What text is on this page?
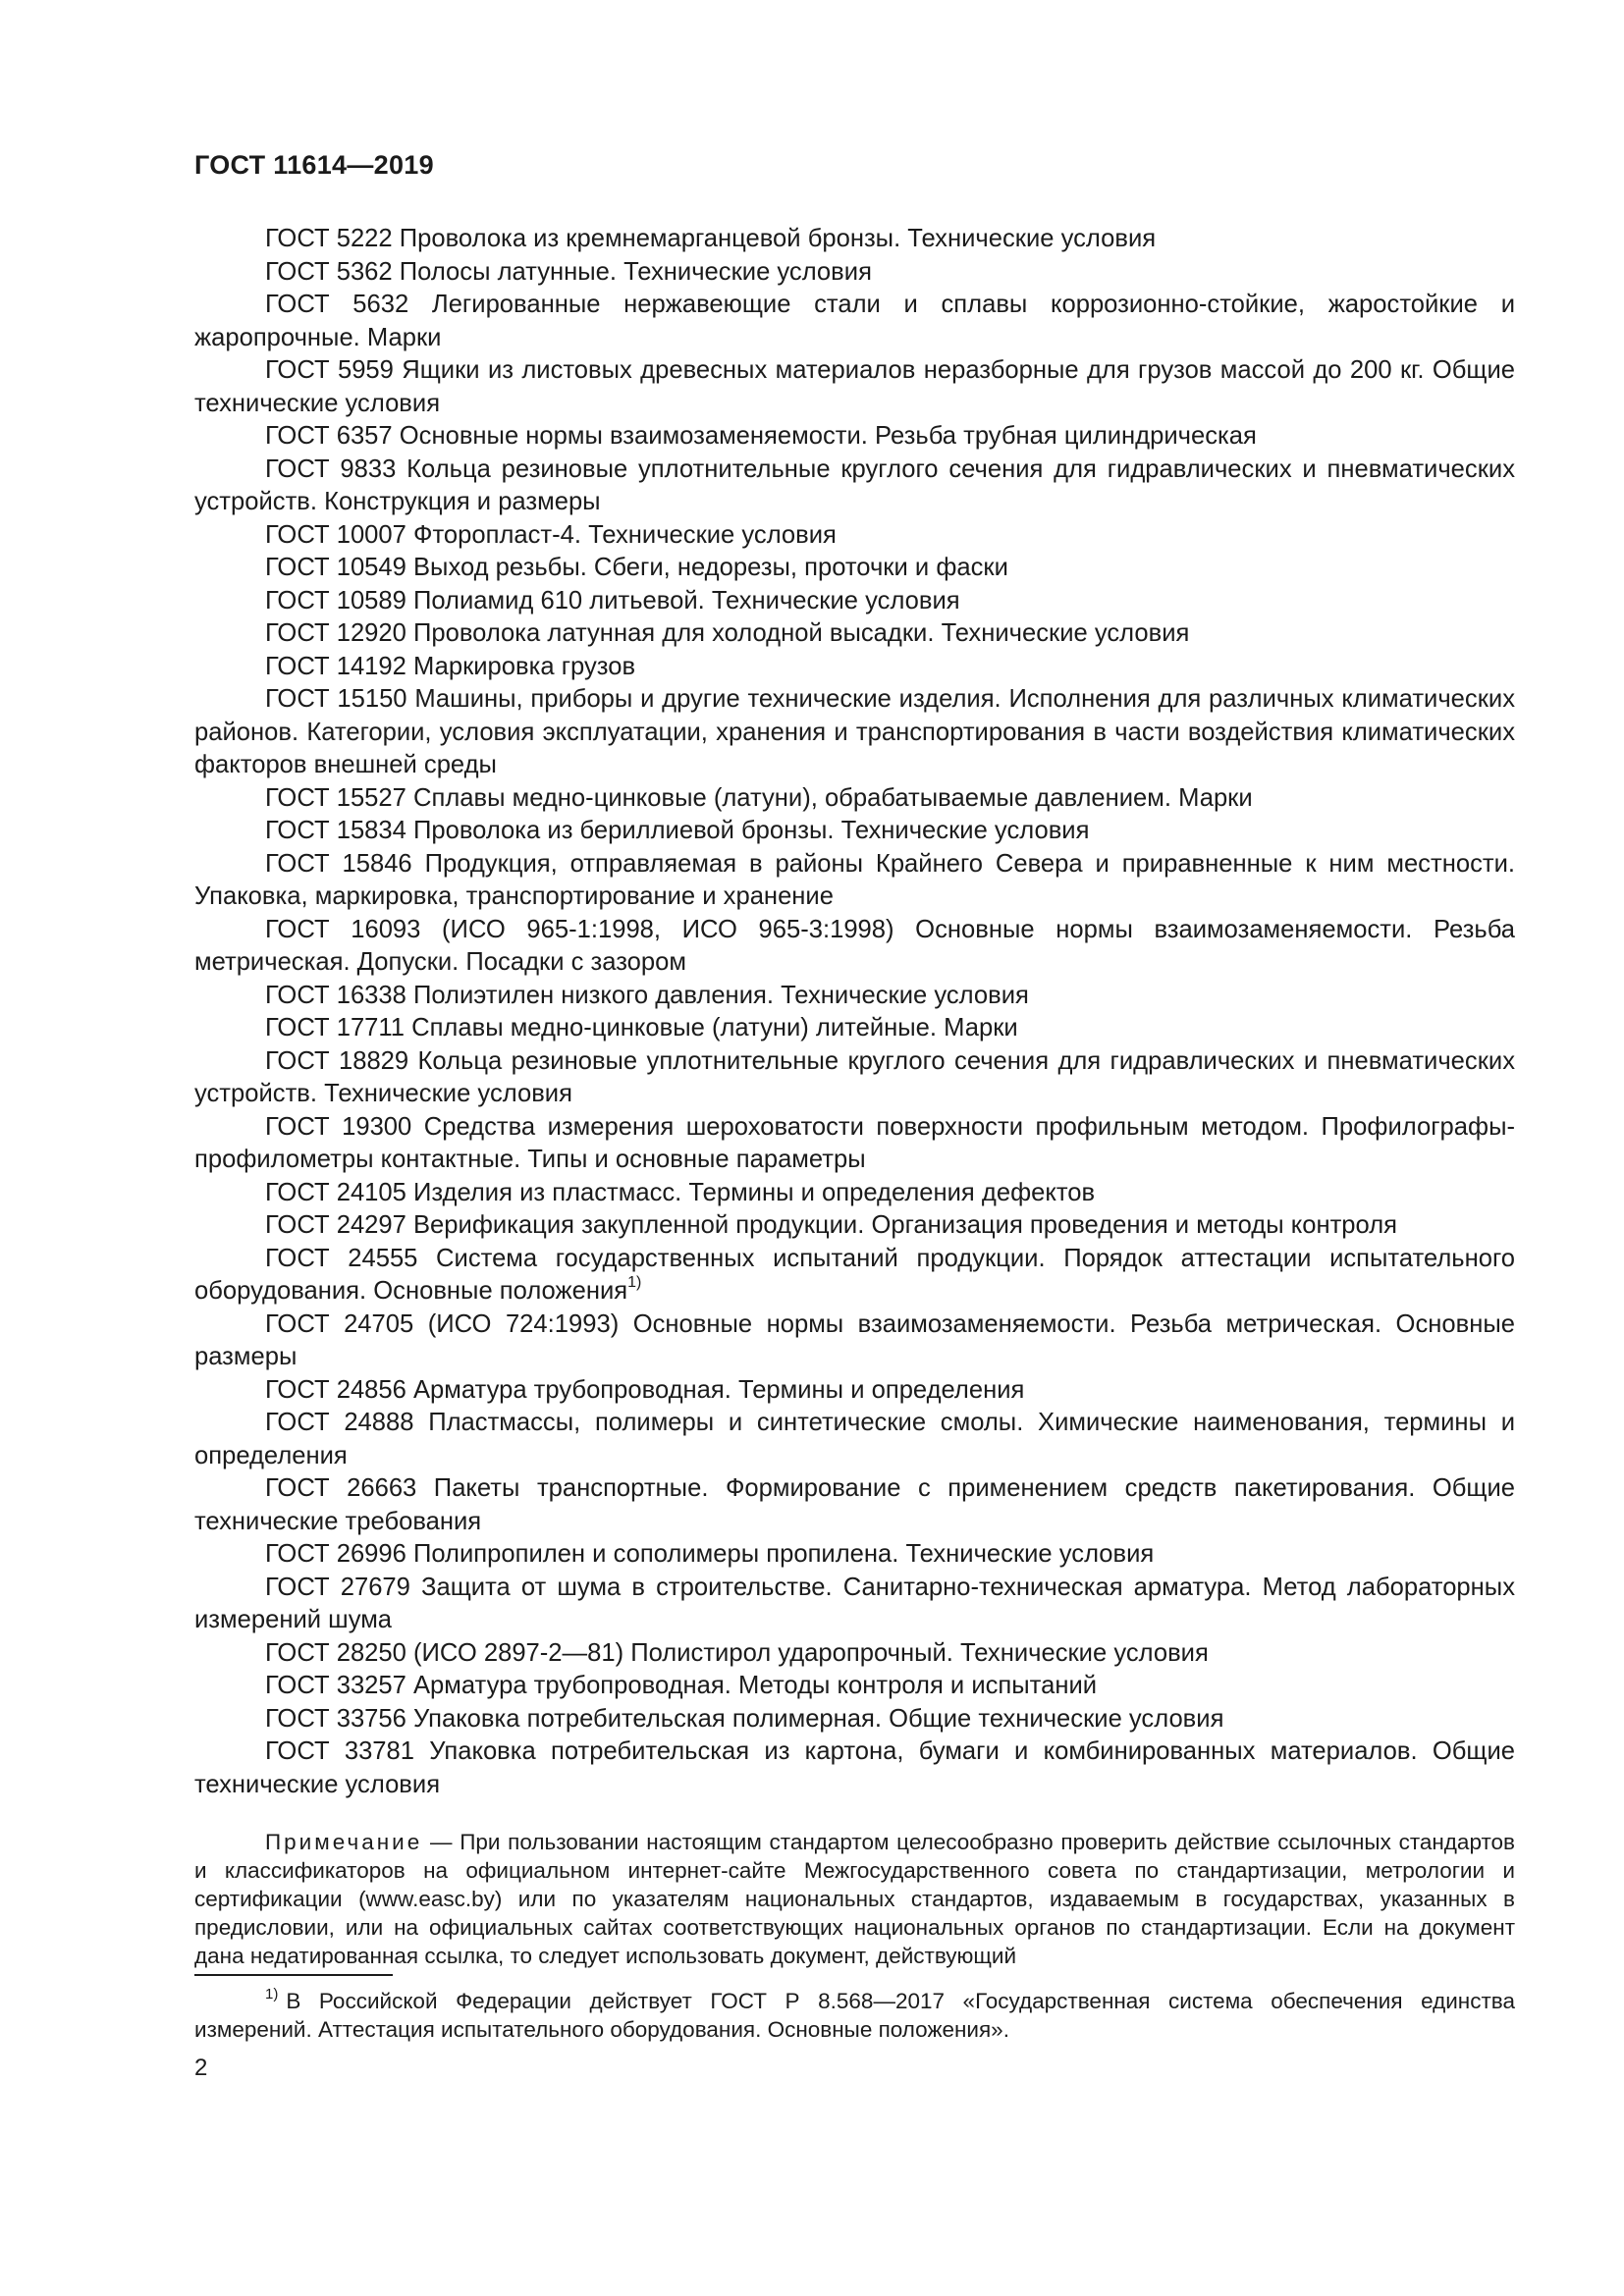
ГОСТ 11614—2019

ГОСТ 5222 Проволока из кремнемарганцевой бронзы. Технические условия

ГОСТ 5362 Полосы латунные. Технические условия

ГОСТ 5632 Легированные нержавеющие стали и сплавы коррозионно-стойкие, жаростойкие и жаропрочные. Марки

ГОСТ 5959 Ящики из листовых древесных материалов неразборные для грузов массой до 200 кг. Общие технические условия

ГОСТ 6357 Основные нормы взаимозаменяемости. Резьба трубная цилиндрическая

ГОСТ 9833 Кольца резиновые уплотнительные круглого сечения для гидравлических и пневматических устройств. Конструкция и размеры

ГОСТ 10007 Фторопласт-4. Технические условия

ГОСТ 10549 Выход резьбы. Сбеги, недорезы, проточки и фаски

ГОСТ 10589 Полиамид 610 литьевой. Технические условия

ГОСТ 12920 Проволока латунная для холодной высадки. Технические условия

ГОСТ 14192 Маркировка грузов

ГОСТ 15150 Машины, приборы и другие технические изделия. Исполнения для различных климатических районов. Категории, условия эксплуатации, хранения и транспортирования в части воздействия климатических факторов внешней среды

ГОСТ 15527 Сплавы медно-цинковые (латуни), обрабатываемые давлением. Марки

ГОСТ 15834 Проволока из бериллиевой бронзы. Технические условия

ГОСТ 15846 Продукция, отправляемая в районы Крайнего Севера и приравненные к ним местности. Упаковка, маркировка, транспортирование и хранение

ГОСТ 16093 (ИСО 965-1:1998, ИСО 965-3:1998) Основные нормы взаимозаменяемости. Резьба метрическая. Допуски. Посадки с зазором

ГОСТ 16338 Полиэтилен низкого давления. Технические условия

ГОСТ 17711 Сплавы медно-цинковые (латуни) литейные. Марки

ГОСТ 18829 Кольца резиновые уплотнительные круглого сечения для гидравлических и пневматических устройств. Технические условия

ГОСТ 19300 Средства измерения шероховатости поверхности профильным методом. Профилографы-профилометры контактные. Типы и основные параметры

ГОСТ 24105 Изделия из пластмасс. Термины и определения дефектов

ГОСТ 24297 Верификация закупленной продукции. Организация проведения и методы контроля

ГОСТ 24555 Система государственных испытаний продукции. Порядок аттестации испытательного оборудования. Основные положения$^{1)}$

ГОСТ 24705 (ИСО 724:1993) Основные нормы взаимозаменяемости. Резьба метрическая. Основные размеры

ГОСТ 24856 Арматура трубопроводная. Термины и определения

ГОСТ 24888 Пластмассы, полимеры и синтетические смолы. Химические наименования, термины и определения

ГОСТ 26663 Пакеты транспортные. Формирование с применением средств пакетирования. Общие технические требования

ГОСТ 26996 Полипропилен и сополимеры пропилена. Технические условия

ГОСТ 27679 Защита от шума в строительстве. Санитарно-техническая арматура. Метод лабораторных измерений шума

ГОСТ 28250 (ИСО 2897-2—81) Полистирол ударопрочный. Технические условия

ГОСТ 33257 Арматура трубопроводная. Методы контроля и испытаний

ГОСТ 33756 Упаковка потребительская полимерная. Общие технические условия

ГОСТ 33781 Упаковка потребительская из картона, бумаги и комбинированных материалов. Общие технические условия

Примечание — При пользовании настоящим стандартом целесообразно проверить действие ссылочных стандартов и классификаторов на официальном интернет-сайте Межгосударственного совета по стандартизации, метрологии и сертификации (www.easc.by) или по указателям национальных стандартов, издаваемым в государствах, указанных в предисловии, или на официальных сайтах соответствующих национальных органов по стандартизации. Если на документ дана недатированная ссылка, то следует использовать документ, действующий

$^{1)}$ В Российской Федерации действует ГОСТ Р 8.568—2017 «Государственная система обеспечения единства измерений. Аттестация испытательного оборудования. Основные положения».

2
